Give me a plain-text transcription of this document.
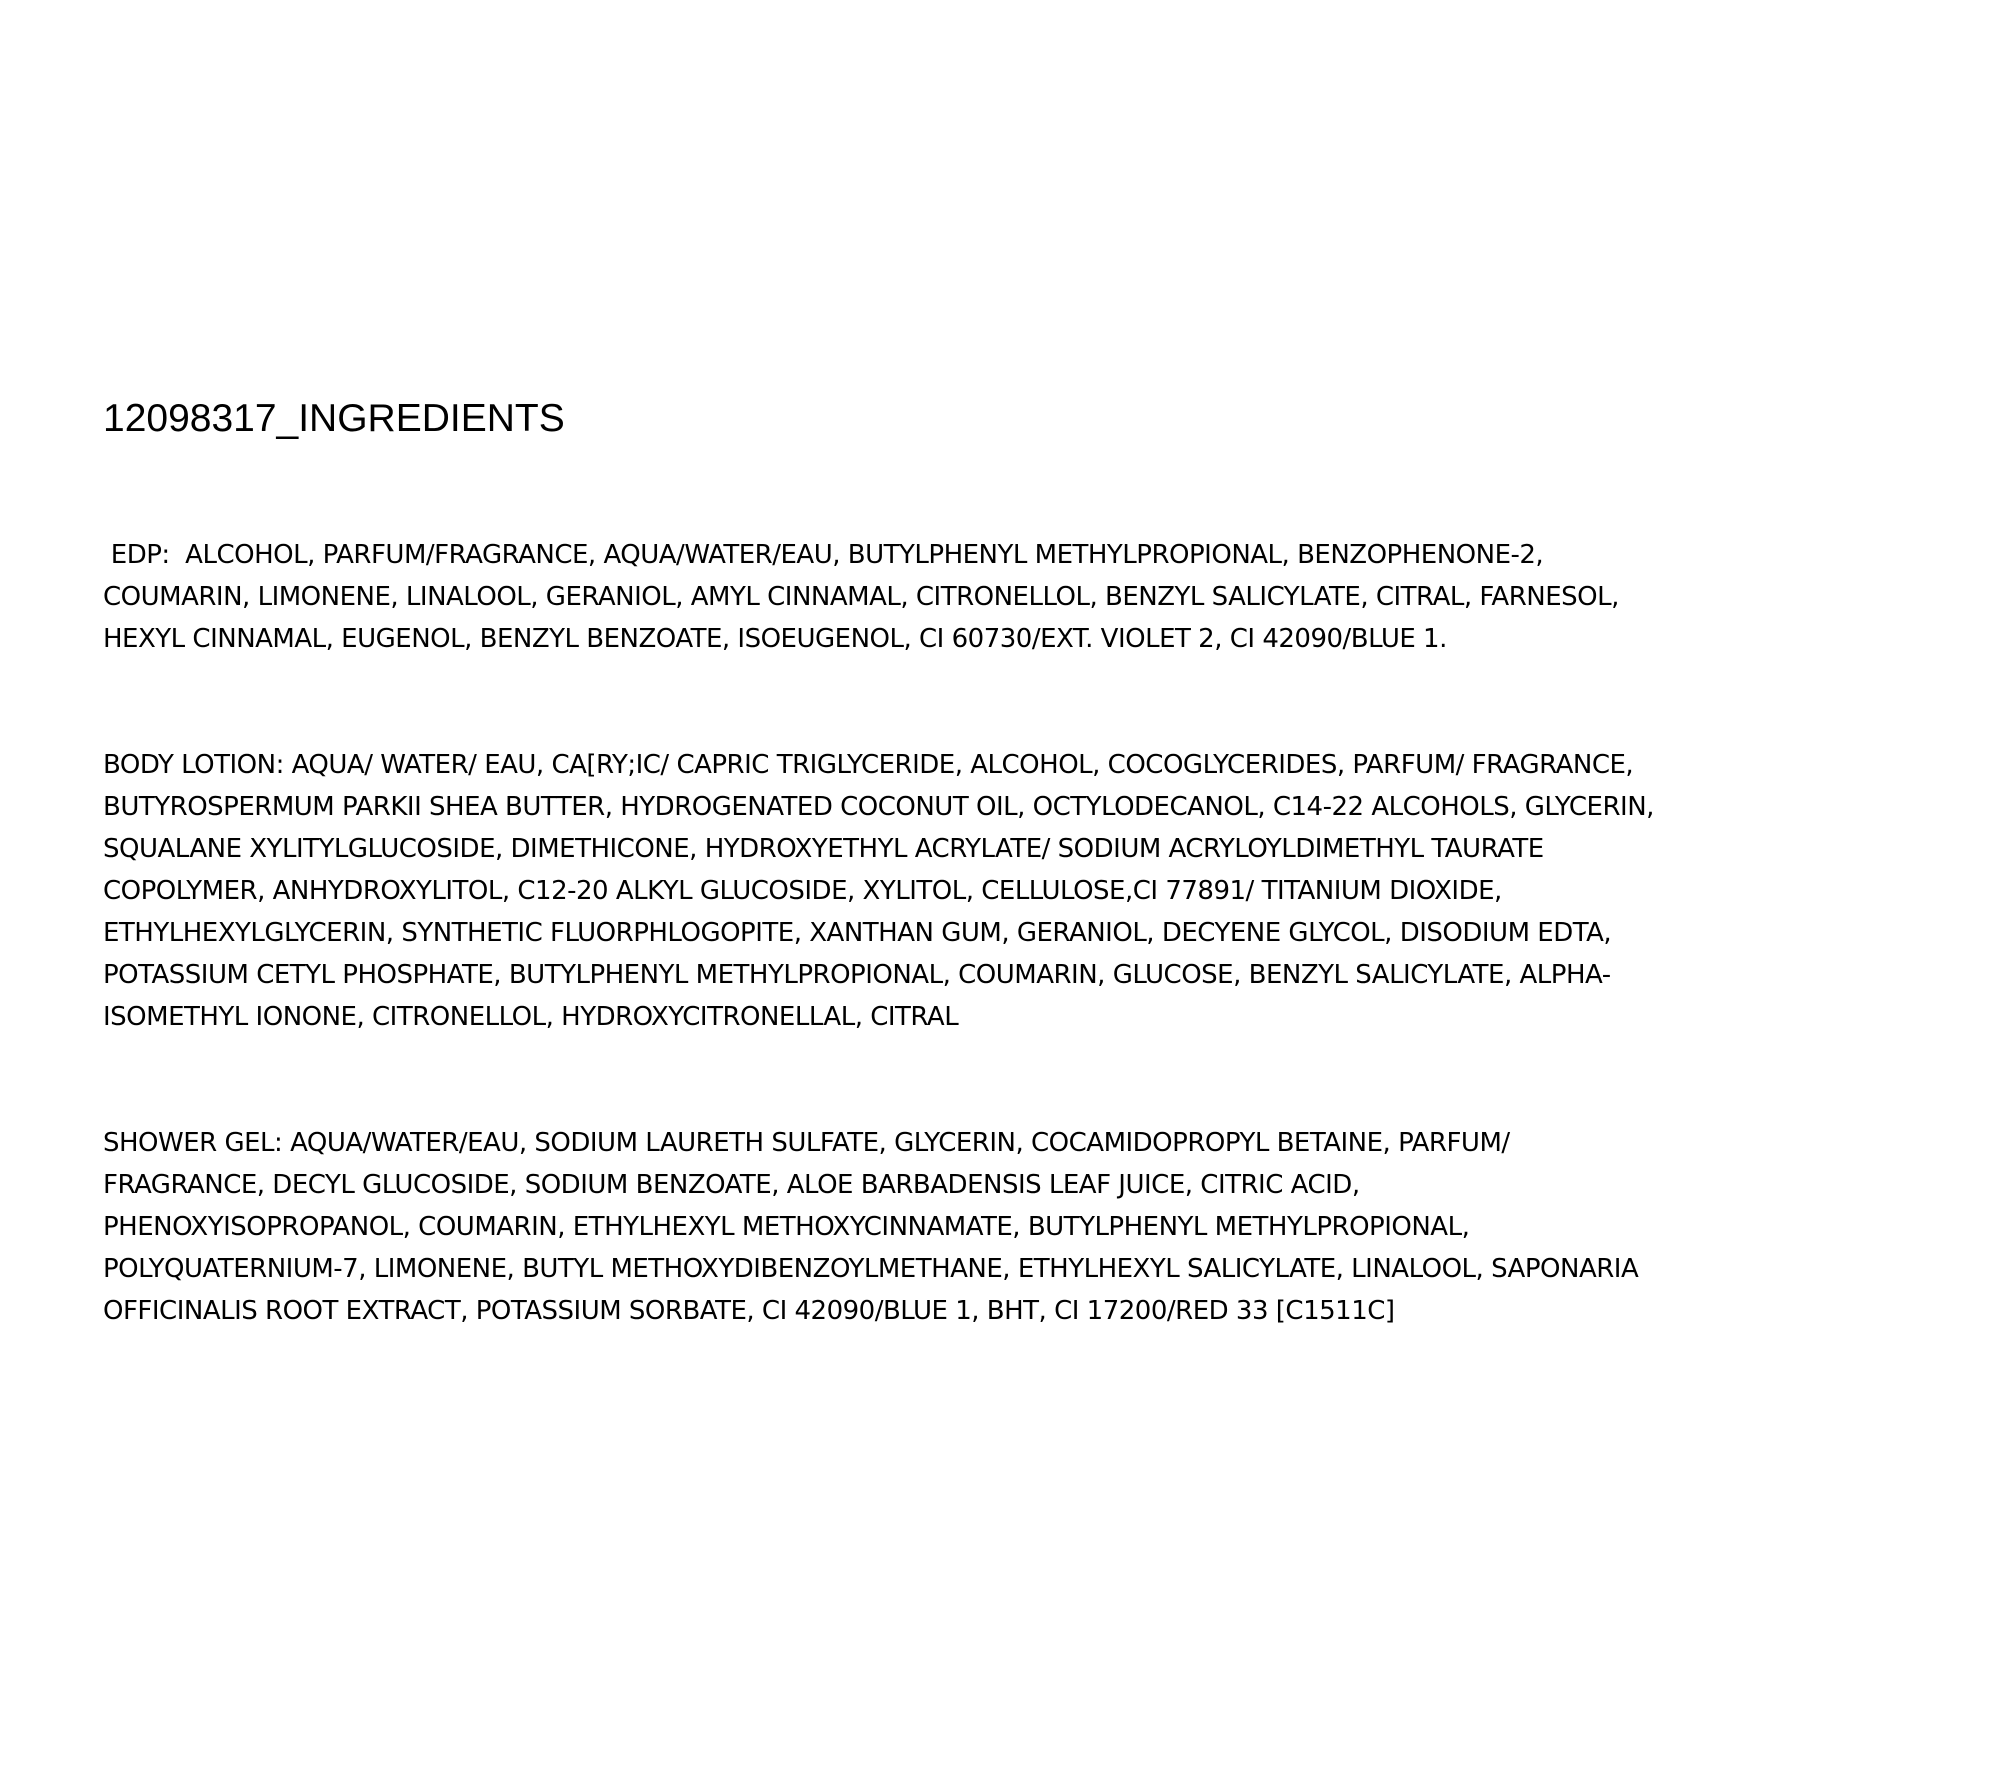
12098317_INGREDIENTS

EDP:  ALCOHOL, PARFUM/FRAGRANCE, AQUA/WATER/EAU, BUTYLPHENYL METHYLPROPIONAL, BENZOPHENONE-2,
COUMARIN, LIMONENE, LINALOOL, GERANIOL, AMYL CINNAMAL, CITRONELLOL, BENZYL SALICYLATE, CITRAL, FARNESOL,
HEXYL CINNAMAL, EUGENOL, BENZYL BENZOATE, ISOEUGENOL, CI 60730/EXT. VIOLET 2, CI 42090/BLUE 1.

BODY LOTION: AQUA/ WATER/ EAU, CA[RY;IC/ CAPRIC TRIGLYCERIDE, ALCOHOL, COCOGLYCERIDES, PARFUM/ FRAGRANCE,
BUTYROSPERMUM PARKII SHEA BUTTER, HYDROGENATED COCONUT OIL, OCTYLODECANOL, C14-22 ALCOHOLS, GLYCERIN,
SQUALANE XYLITYLGLUCOSIDE, DIMETHICONE, HYDROXYETHYL ACRYLATE/ SODIUM ACRYLOYLDIMETHYL TAURATE
COPOLYMER, ANHYDROXYLITOL, C12-20 ALKYL GLUCOSIDE, XYLITOL, CELLULOSE,CI 77891/ TITANIUM DIOXIDE,
ETHYLHEXYLGLYCERIN, SYNTHETIC FLUORPHLOGOPITE, XANTHAN GUM, GERANIOL, DECYENE GLYCOL, DISODIUM EDTA,
POTASSIUM CETYL PHOSPHATE, BUTYLPHENYL METHYLPROPIONAL, COUMARIN, GLUCOSE, BENZYL SALICYLATE, ALPHA-
ISOMETHYL IONONE, CITRONELLOL, HYDROXYCITRONELLAL, CITRAL

SHOWER GEL: AQUA/WATER/EAU, SODIUM LAURETH SULFATE, GLYCERIN, COCAMIDOPROPYL BETAINE, PARFUM/
FRAGRANCE, DECYL GLUCOSIDE, SODIUM BENZOATE, ALOE BARBADENSIS LEAF JUICE, CITRIC ACID,
PHENOXYISOPROPANOL, COUMARIN, ETHYLHEXYL METHOXYCINNAMATE, BUTYLPHENYL METHYLPROPIONAL,
POLYQUATERNIUM-7, LIMONENE, BUTYL METHOXYDIBENZOYLMETHANE, ETHYLHEXYL SALICYLATE, LINALOOL, SAPONARIA
OFFICINALIS ROOT EXTRACT, POTASSIUM SORBATE, CI 42090/BLUE 1, BHT, CI 17200/RED 33 [C1511C]
